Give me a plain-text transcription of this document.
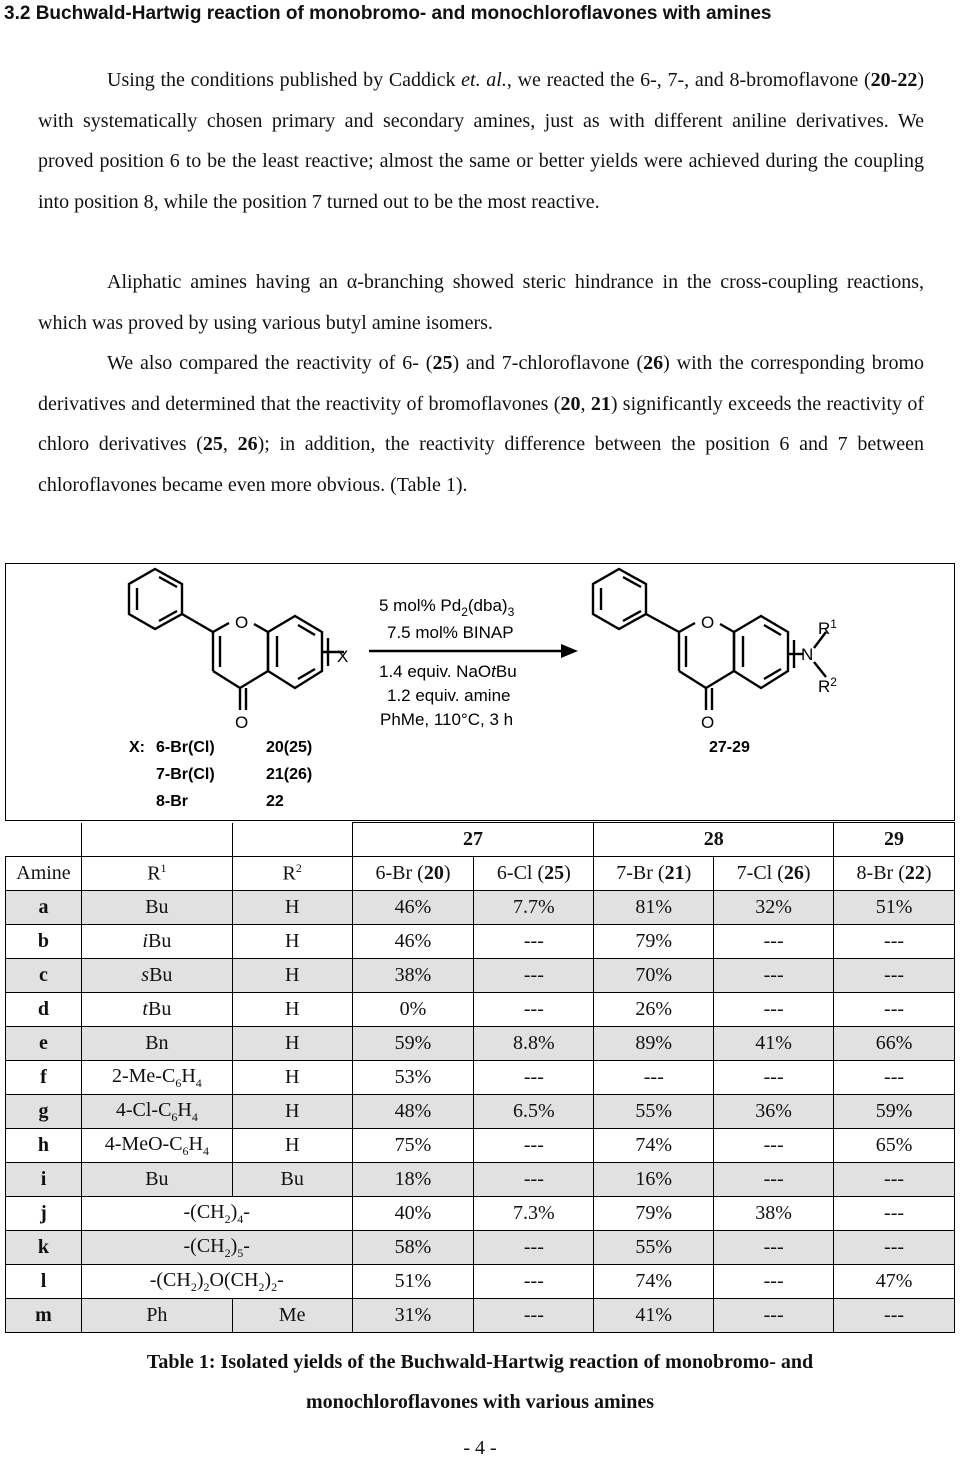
3.2 Buchwald-Hartwig reaction of monobromo- and monochloroflavones with amines

Using the conditions published by Caddick et. al., we reacted the 6-, 7-, and 8-bromoflavone (20-22) with systematically chosen primary and secondary amines, just as with different aniline derivatives. We proved position 6 to be the least reactive; almost the same or better yields were achieved during the coupling into position 8, while the position 7 turned out to be the most reactive.

Aliphatic amines having an α-branching showed steric hindrance in the cross-coupling reactions, which was proved by using various butyl amine isomers.

We also compared the reactivity of 6- (25) and 7-chloroflavone (26) with the corresponding bromo derivatives and determined that the reactivity of bromoflavones (20, 21) significantly exceeds the reactivity of chloro derivatives (25, 26); in addition, the reactivity difference between the position 6 and 7 between chloroflavones became even more obvious. (Table 1).

O
O
X
O
O
N
$R^1$
$R^2$
5 mol% $Pd_2(dba)_3$
7.5 mol% BINAP
1.4 equiv. NaOtBu
1.2 equiv. amine
PhMe, 110°C, 3 h
X: 6-Br(Cl)
7-Br(Cl)
8-Br
20(25)
21(26)
22
27-29
			27		28		29
Amine	$R^1$	$R^2$	6-Br (20)	6-Cl (25)	7-Br (21)	7-Cl (26)	8-Br (22)
a	Bu	H	46%	7.7%	81%	32%	51%
b	iBu	H	46%	---	79%	---	---
c	sBu	H	38%	---	70%	---	---
d	tBu	H	0%	---	26%	---	---
e	Bn	H	59%	8.8%	89%	41%	66%
f	$2-Me-C_6H_4$	H	53%	---	---	---	---
g	$4-Cl-C_6H_4$	H	48%	6.5%	55%	36%	59%
h	$4-MeO-C_6H_4$	H	75%	---	74%	---	65%
i	Bu	Bu	18%	---	16%	---	---
j	$-(CH_2)_4-$		40%	7.3%	79%	38%	---
k	$-(CH_2)_5-$		58%	---	55%	---	---
l	$-(CH_2)_2O(CH_2)_2-$		51%	---	74%	---	47%
m	Ph	Me	31%	---	41%	---	---
Table 1: Isolated yields of the Buchwald-Hartwig reaction of monobromo- and
monochloroflavones with various amines
- 4 -
